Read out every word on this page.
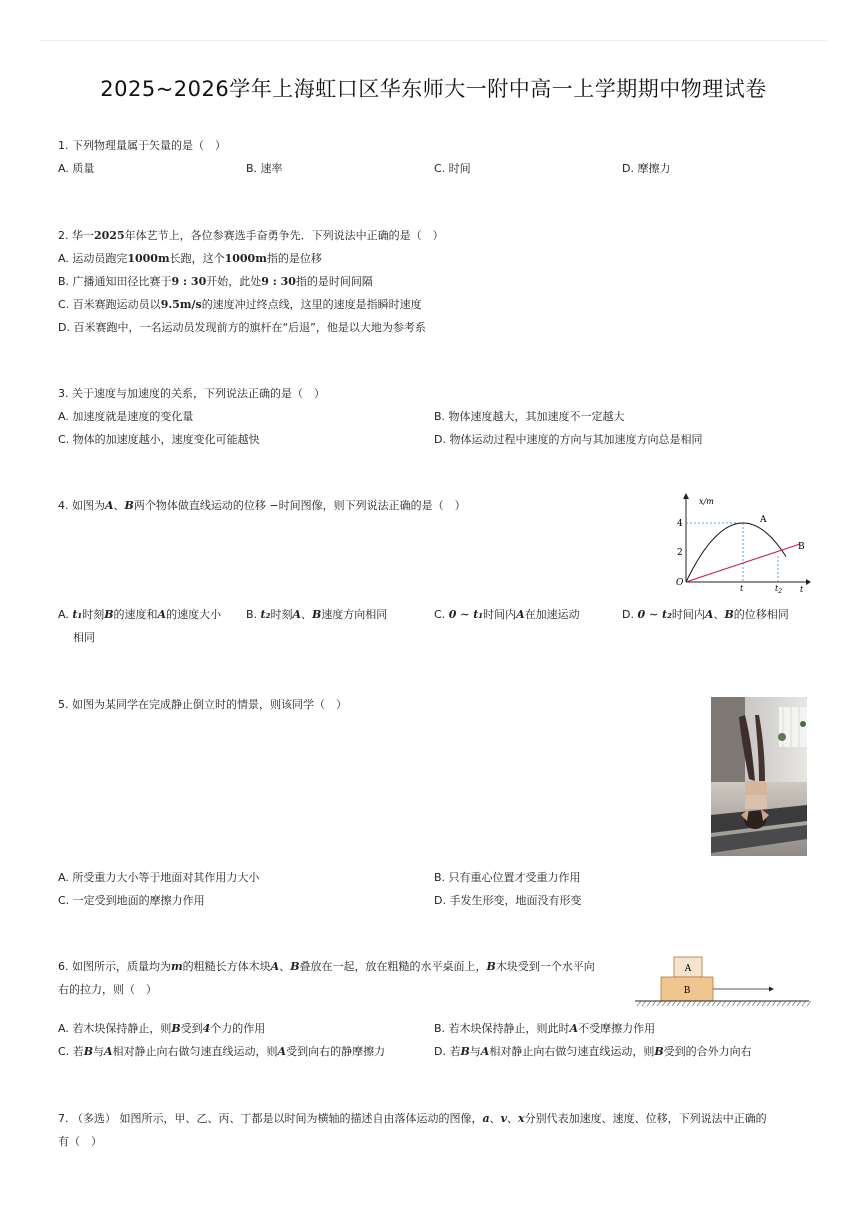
2025~2026学年上海虹口区华东师大一附中高一上学期期中物理试卷
1. 下列物理量属于矢量的是（　）
A. 质量	B. 速率	C. 时间	D. 摩擦力
2. 华一2025年体艺节上，各位参赛选手奋勇争先．下列说法中正确的是（　）
A. 运动员跑完1000m长跑，这个1000m指的是位移
B. 广播通知田径比赛于9 : 30开始，此处9 : 30指的是时间间隔
C. 百米赛跑运动员以9.5m/s的速度冲过终点线，这里的速度是指瞬时速度
D. 百米赛跑中，一名运动员发现前方的旗杆在“后退”，他是以大地为参考系
3. 关于速度与加速度的关系，下列说法正确的是（　）
A. 加速度就是速度的变化量	B. 物体速度越大，其加速度不一定越大
C. 物体的加速度越小，速度变化可能越快	D. 物体运动过程中速度的方向与其加速度方向总是相同
4. 如图为A、B两个物体做直线运动的位移 −时间图像，则下列说法正确的是（　）	x/m
t
O
4
2
A
B
t	$t_2$
A. t₁时刻B的速度和A的速度大小
相同
B. t₂时刻A、B速度方向相同	C. 0 ∼ t₁时间内A在加速运动	D. 0 ∼ t₂时间内A、B的位移相同
5. 如图为某同学在完成静止倒立时的情景，则该同学（　）
A. 所受重力大小等于地面对其作用力大小	B. 只有重心位置才受重力作用
C. 一定受到地面的摩擦力作用	D. 手发生形变，地面没有形变
6. 如图所示，质量均为m的粗糙长方体木块A、B叠放在一起，放在粗糙的水平桌面上，B木块受到一个水平向
右的拉力，则（　）
A
B
A. 若木块保持静止，则B受到4个力的作用	B. 若木块保持静止，则此时A不受摩擦力作用
C. 若B与A相对静止向右做匀速直线运动，则A受到向右的静摩擦力	D. 若B与A相对静止向右做匀速直线运动，则B受到的合外力向右
7. （多选） 如图所示，甲、乙、丙、丁都是以时间为横轴的描述自由落体运动的图像，a、v、x分别代表加速度、速度、位移，下列说法中正确的
有（　）
